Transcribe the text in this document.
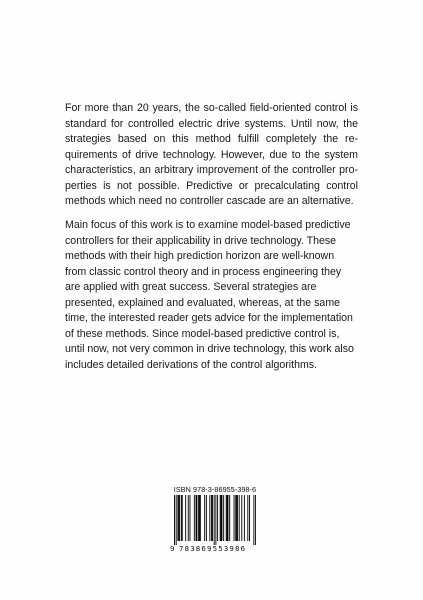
For more than 20 years, the so-called field-oriented control is standard for controlled electric drive systems. Until now, the strategies based on this method fulfill completely the requirements of drive technology. However, due to the system characteristics, an arbitrary improvement of the controller properties is not possible. Predictive or precalculating control methods which need no controller cascade are an alternative.

Main focus of this work is to examine model-based predictive controllers for their applicability in drive technology. These methods with their high prediction horizon are well-known from classic control theory and in process engineering they are applied with great success. Several strategies are presented, explained and evaluated, whereas, at the same time, the interested reader gets advice for the implementation of these methods. Since model-based predictive control is, until now, not very common in drive technology, this work also includes detailed derivations of the control algorithms.

ISBN 978-3-86955-398-6
9 783869553986
